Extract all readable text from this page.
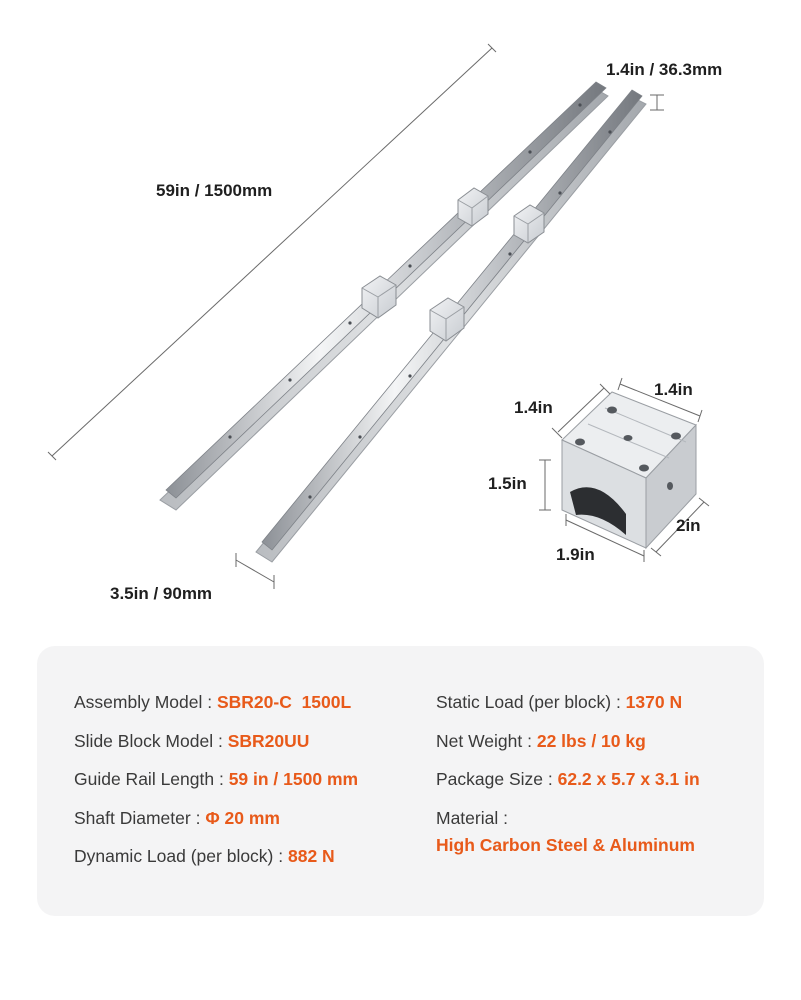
59in / 1500mm
1.4in / 36.3mm
3.5in / 90mm
1.4in
1.4in
1.5in
1.9in
2in
Assembly Model : SBR20-C  1500L
Slide Block Model : SBR20UU
Guide Rail Length : 59 in / 1500 mm
Shaft Diameter : Φ 20 mm
Dynamic Load (per block) : 882 N
Static Load (per block) : 1370 N
Net Weight : 22 lbs / 10 kg
Package Size : 62.2 x 5.7 x 3.1 in
Material :
High Carbon Steel & Aluminum
